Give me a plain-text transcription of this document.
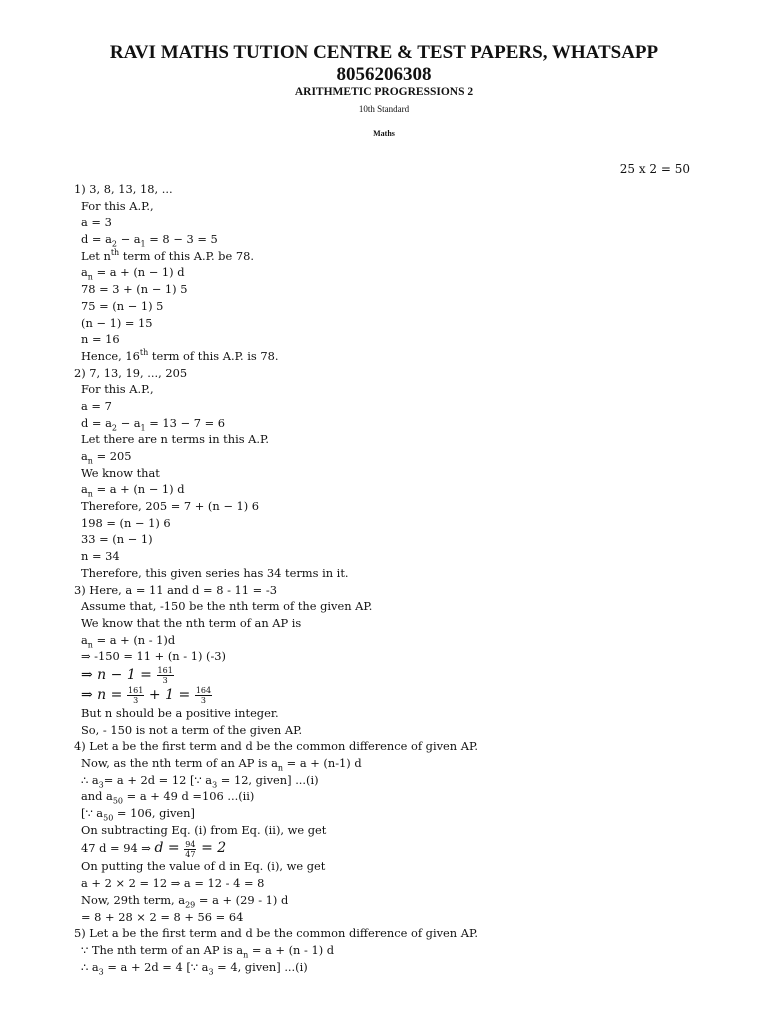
RAVI MATHS TUTION CENTRE & TEST PAPERS, WHATSAPP
8056206308
ARITHMETIC PROGRESSIONS 2
10th Standard
Maths
25 x 2 = 50
1) 3, 8, 13, 18, ...
For this A.P.,
a = 3
$d = a_2 - a_1 = 8 - 3 = 5$
Let $n^{th}$ term of this A.P. be 78.
$a_n = a + (n - 1)$ d
78 = 3 + (n − 1) 5
75 = (n − 1) 5
(n − 1) = 15
n = 16
Hence, 16th term of this A.P. is 78.
2) 7, 13, 19, ..., 205
For this A.P.,
a = 7
$d = a_2 - a_1 = 13 - 7 = 6$
Let there are n terms in this A.P.
$a_n = 205$
We know that
$a_n = a + (n - 1)$ d
Therefore, 205 = 7 + (n − 1) 6
198 = (n − 1) 6
33 = (n − 1)
n = 34
Therefore, this given series has 34 terms in it.
3) Here, a = 11 and d = 8 - 11 = -3
Assume that, -150 be the nth term of the given AP.
We know that the nth term of an AP is
$a_n = a + (n - 1)d$
⇒ -150 = 11 + (n - 1) (-3)
⇒ $n - 1 = \frac{161}{3}$
⇒ $n = \frac{161}{3} + 1 = \frac{164}{3}$
But n should be a positive integer.
So, - 150 is not a term of the given AP.
4) Let a be the first term and d be the common difference of given AP.
Now, as the nth term of an AP is $a_n = a + (n-1)$ d
∴ $a_3= a + 2d = 12$ [∵ $a_3 = 12$, given] ...(i)
and $a_{50} = a + 49$ d =106 ...(ii)
[∵ $a_{50} = 106$, given]
On subtracting Eq. (i) from Eq. (ii), we get
47 d = 94 ⇒ $d = \frac{94}{47} = 2$
On putting the value of d in Eq. (i), we get
a + 2 × 2 = 12 ⇒ a = 12 - 4 = 8
Now, 29th term, $a_{29} = a + (29 - 1)$ d
= 8 + 28 × 2 = 8 + 56 = 64
5) Let a be the first term and d be the common difference of given AP.
∵ The nth term of an AP is $a_n = a + (n - 1)$ d
∴ $a_3 = a + 2d = 4$ [∵ $a_3 = 4$, given] ...(i)
